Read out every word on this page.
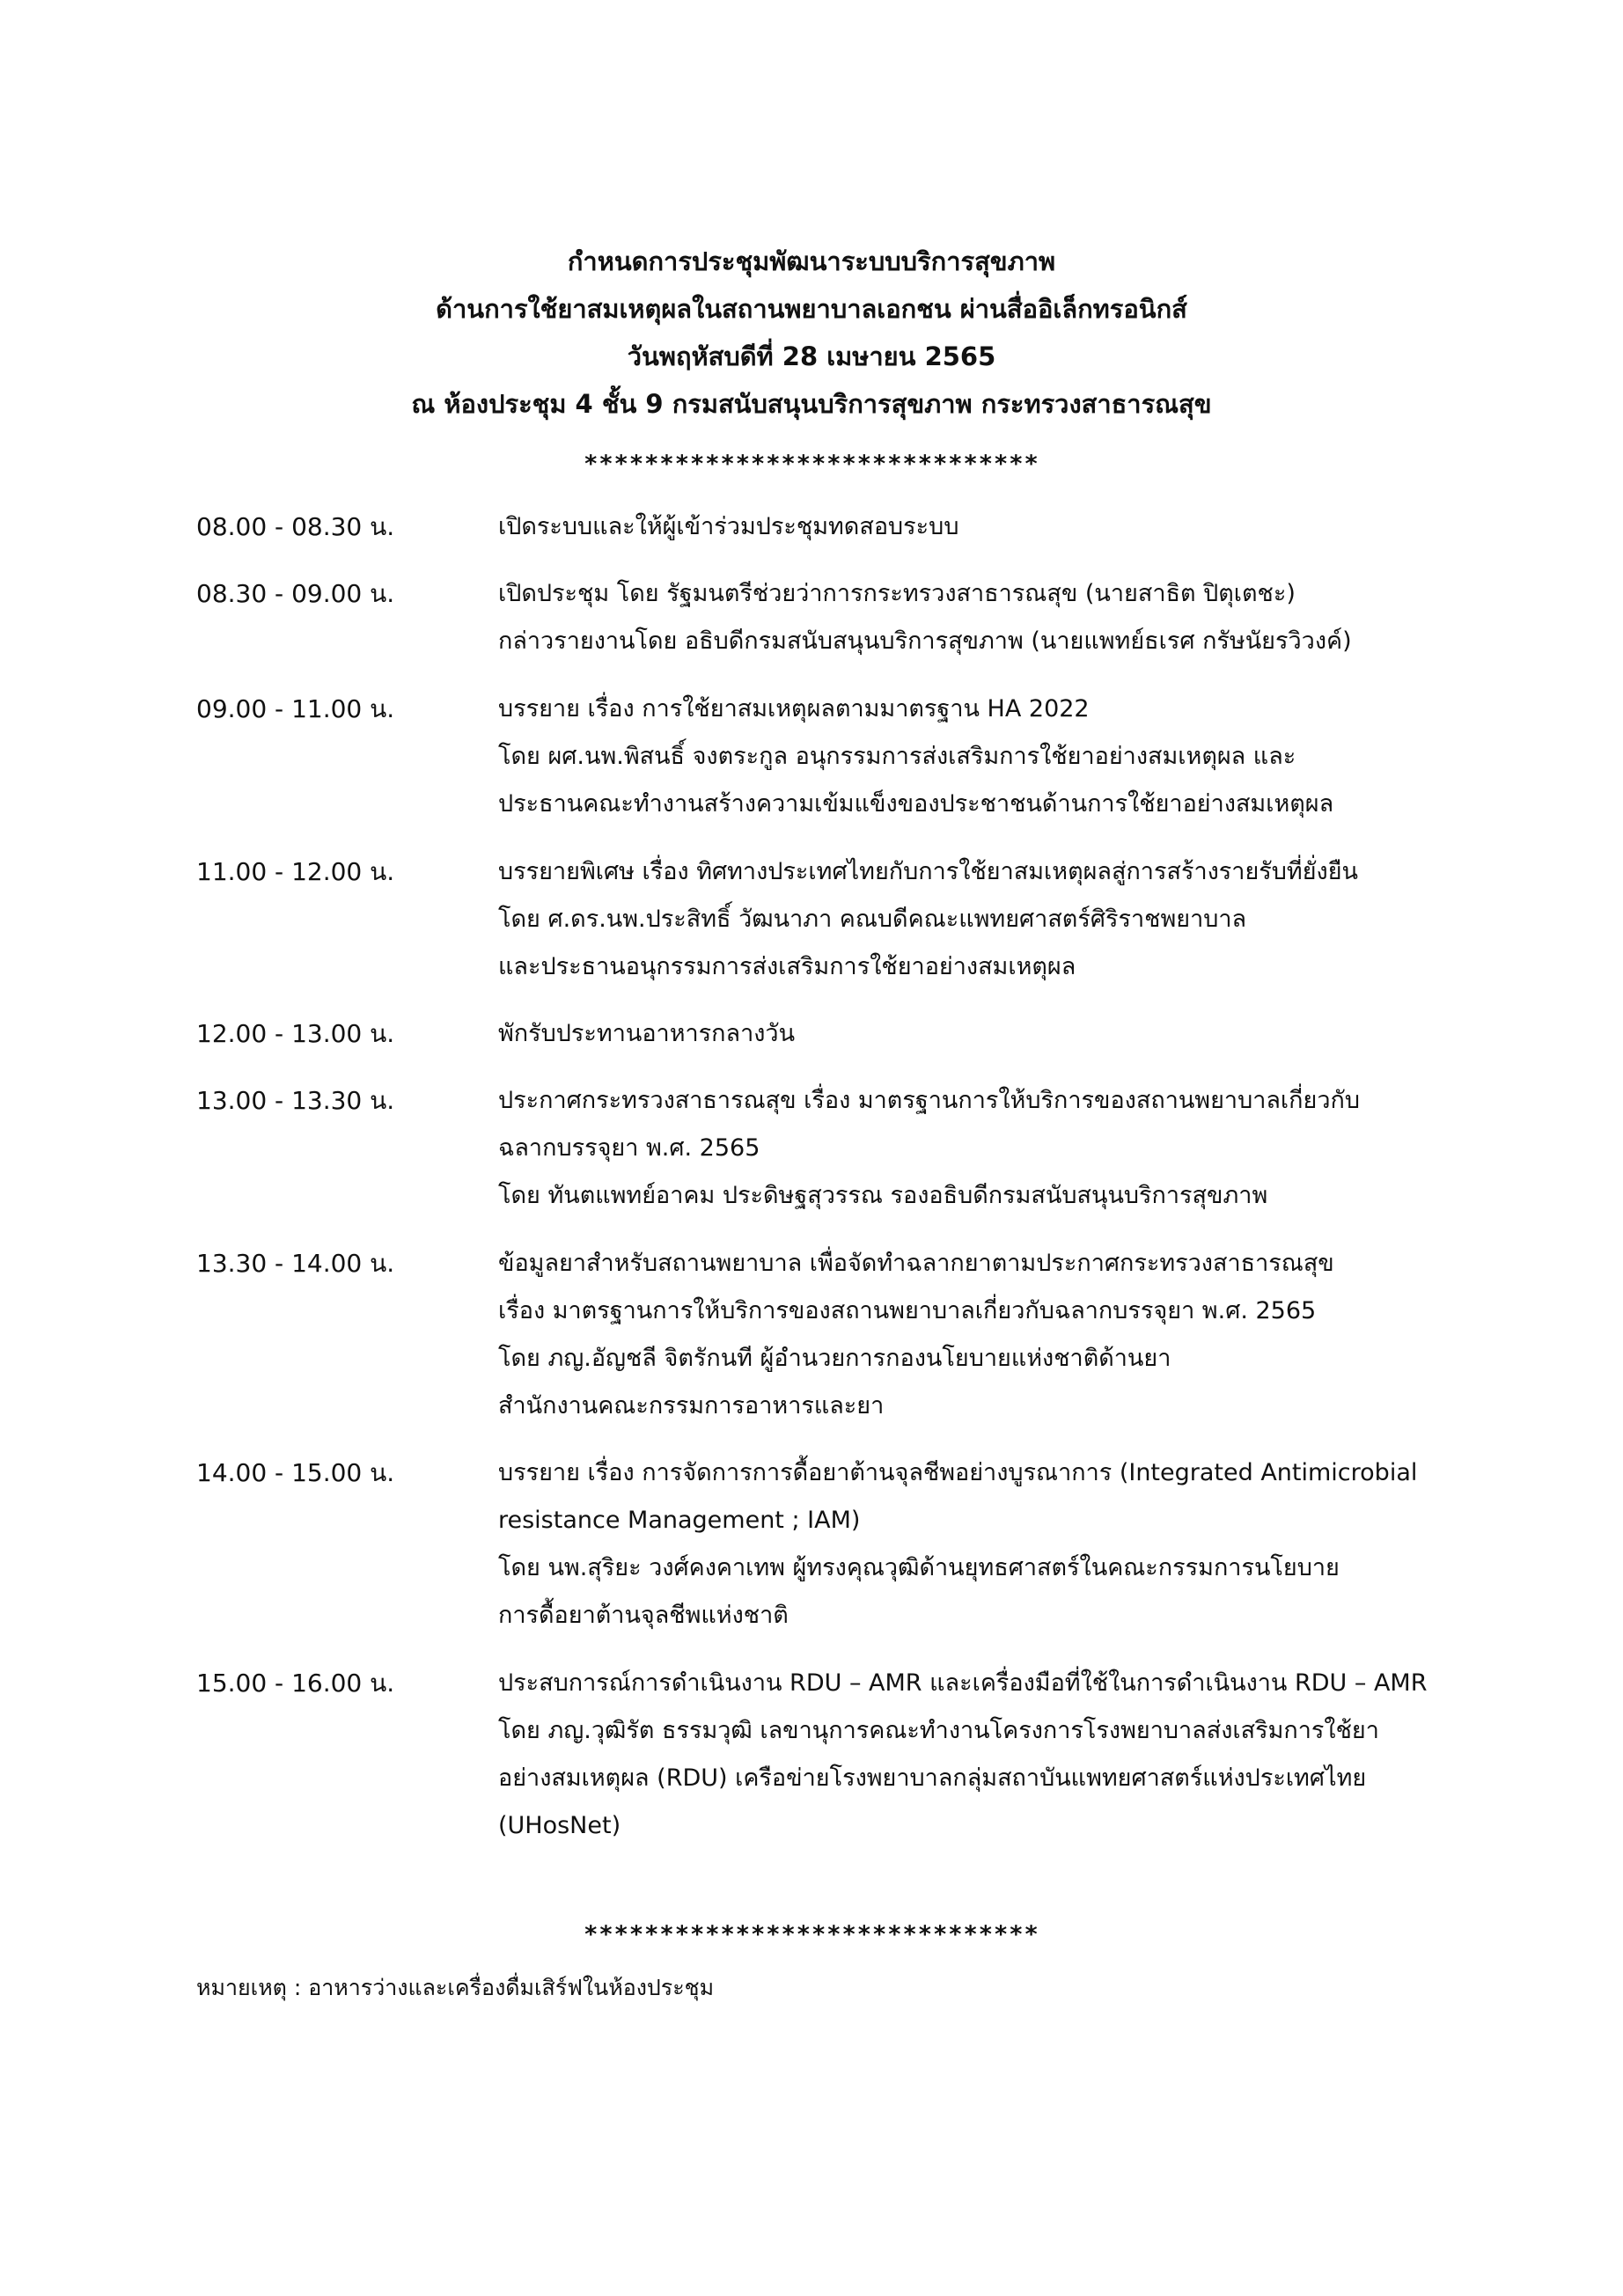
กำหนดการประชุมพัฒนาระบบบริการสุขภาพ
ด้านการใช้ยาสมเหตุผลในสถานพยาบาลเอกชน ผ่านสื่ออิเล็กทรอนิกส์
วันพฤหัสบดีที่ 28 เมษายน 2565
ณ ห้องประชุม 4 ชั้น 9 กรมสนับสนุนบริการสุขภาพ กระทรวงสาธารณสุข
******************************
08.00 - 08.30 น.	เปิดระบบและให้ผู้เข้าร่วมประชุมทดสอบระบบ
08.30 - 09.00 น.	เปิดประชุม โดย รัฐมนตรีช่วยว่าการกระทรวงสาธารณสุข (นายสาธิต ปิตุเตชะ)
กล่าวรายงานโดย อธิบดีกรมสนับสนุนบริการสุขภาพ (นายแพทย์ธเรศ กรัษนัยรวิวงค์)
09.00 - 11.00 น.	บรรยาย เรื่อง การใช้ยาสมเหตุผลตามมาตรฐาน HA 2022
โดย ผศ.นพ.พิสนธิ์ จงตระกูล อนุกรรมการส่งเสริมการใช้ยาอย่างสมเหตุผล และ
ประธานคณะทำงานสร้างความเข้มแข็งของประชาชนด้านการใช้ยาอย่างสมเหตุผล
11.00 - 12.00 น.	บรรยายพิเศษ เรื่อง ทิศทางประเทศไทยกับการใช้ยาสมเหตุผลสู่การสร้างรายรับที่ยั่งยืน
โดย ศ.ดร.นพ.ประสิทธิ์ วัฒนาภา คณบดีคณะแพทยศาสตร์ศิริราชพยาบาล
และประธานอนุกรรมการส่งเสริมการใช้ยาอย่างสมเหตุผล
12.00 - 13.00 น.	พักรับประทานอาหารกลางวัน
13.00 - 13.30 น.	ประกาศกระทรวงสาธารณสุข เรื่อง มาตรฐานการให้บริการของสถานพยาบาลเกี่ยวกับ
ฉลากบรรจุยา พ.ศ. 2565
โดย ทันตแพทย์อาคม ประดิษฐสุวรรณ รองอธิบดีกรมสนับสนุนบริการสุขภาพ
13.30 - 14.00 น.	ข้อมูลยาสำหรับสถานพยาบาล เพื่อจัดทำฉลากยาตามประกาศกระทรวงสาธารณสุข
เรื่อง มาตรฐานการให้บริการของสถานพยาบาลเกี่ยวกับฉลากบรรจุยา พ.ศ. 2565
โดย ภญ.อัญชลี จิตรักนที ผู้อำนวยการกองนโยบายแห่งชาติด้านยา
สำนักงานคณะกรรมการอาหารและยา
14.00 - 15.00 น.	บรรยาย เรื่อง การจัดการการดื้อยาต้านจุลชีพอย่างบูรณาการ (Integrated Antimicrobial
resistance Management ; IAM)
โดย นพ.สุริยะ วงศ์คงคาเทพ ผู้ทรงคุณวุฒิด้านยุทธศาสตร์ในคณะกรรมการนโยบาย
การดื้อยาต้านจุลชีพแห่งชาติ
15.00 - 16.00 น.	ประสบการณ์การดำเนินงาน RDU – AMR และเครื่องมือที่ใช้ในการดำเนินงาน RDU – AMR
โดย ภญ.วุฒิรัต ธรรมวุฒิ เลขานุการคณะทำงานโครงการโรงพยาบาลส่งเสริมการใช้ยา
อย่างสมเหตุผล (RDU) เครือข่ายโรงพยาบาลกลุ่มสถาบันแพทยศาสตร์แห่งประเทศไทย
(UHosNet)
******************************
หมายเหตุ : อาหารว่างและเครื่องดื่มเสิร์ฟในห้องประชุม
